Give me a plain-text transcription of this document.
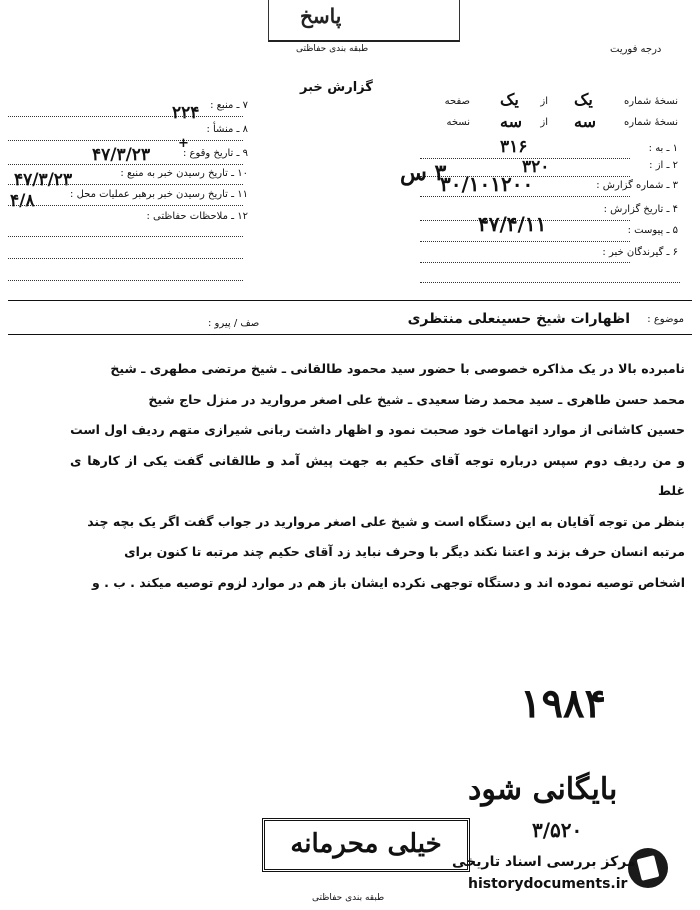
پاسخ
طبقه بندی حفاظتی	درجه فوریت
گزارش خبر
۷ ـ منبع :
۲۲۴
۸ ـ منشأ :
۹ ـ تاریخ وقوع :
۴۷/۳/۲۳
+
۱۰ ـ تاریخ رسیدن خبر به منبع :
۴۷/۳/۲۳
۱۱ ـ تاریخ رسیدن خبر برهبر عملیات محل :
۴/۸
۱۲ ـ ملاحظات حفاظتی :
نسخهٔ شماره
یک
از
یک
صفحه
نسخهٔ شماره
سه
از
سه
نسخه
۱ ـ به :
۳۱۶
۲ ـ از :
۳۲۰
۳ ـ شماره گزارش :
۳ س
۳۰/۱۰۱۲۰۰
۴ ـ تاریخ گزارش :
۵ ـ پیوست :
۴۷/۴/۱۱
۶ ـ گیرندگان خبر :
موضوع :
اظهارات شیخ حسینعلی منتظری
صف / پیرو :

نامبرده بالا در یک مذاکره خصوصی با حضور سید محمود طالقانی ـ شیخ مرتضی مطهری ـ شیخ

محمد حسن طاهری ـ سید محمد رضا سعیدی ـ شیخ علی اصغر مروارید در منزل حاج شیخ

حسین کاشانی از موارد اتهامات خود صحبت نمود و اظهار داشت ربانی شیرازی متهم ردیف اول است

و من ردیف دوم سپس درباره توجه آقای حکیم به جهت پیش آمد و طالقانی گفت یکی از کارها ی غلط

بنظر من توجه آقایان به این دستگاه است و شیخ علی اصغر مروارید در جواب گفت اگر یک بچه چند

مرتبه انسان حرف بزند و اعتنا نکند دیگر با وحرف نباید زد آقای حکیم چند مرتبه تا کنون برای

اشخاص توصیه نموده اند و دستگاه توجهی نکرده ایشان باز هم در موارد لزوم توصیه میکند . ب . و

۱۹۸۴
بایگانی شود
۳/۵۲۰
خیلی محرمانه
طبقه بندی حفاظتی
مرکز بررسی اسناد تاریخی
historydocuments.ir
